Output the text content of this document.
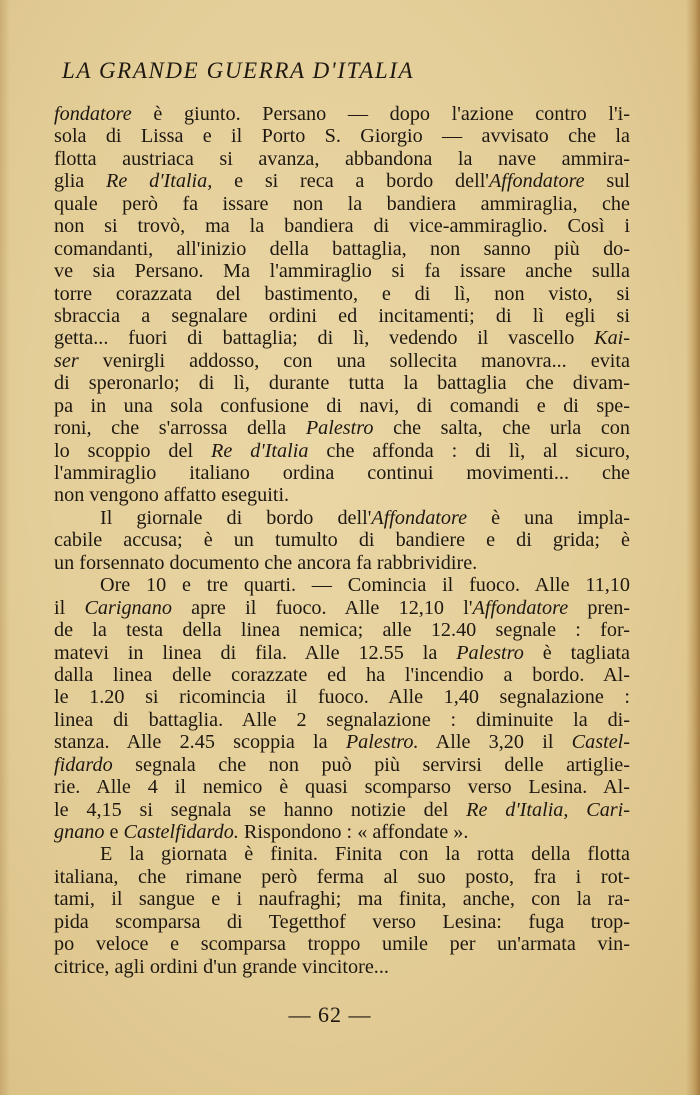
LA GRANDE GUERRA D'ITALIA
fondatore è giunto. Persano — dopo l'azione contro l'i-
sola di Lissa e il Porto S. Giorgio — avvisato che la
flotta austriaca si avanza, abbandona la nave ammira-
glia Re d'Italia, e si reca a bordo dell'Affondatore sul
quale però fa issare non la bandiera ammiraglia, che
non si trovò, ma la bandiera di vice-ammiraglio. Così i
comandanti, all'inizio della battaglia, non sanno più do-
ve sia Persano. Ma l'ammiraglio si fa issare anche sulla
torre corazzata del bastimento, e di lì, non visto, si
sbraccia a segnalare ordini ed incitamenti; di lì egli si
getta... fuori di battaglia; di lì, vedendo il vascello Kai-
ser venirgli addosso, con una sollecita manovra... evita
di speronarlo; di lì, durante tutta la battaglia che divam-
pa in una sola confusione di navi, di comandi e di spe-
roni, che s'arrossa della Palestro che salta, che urla con
lo scoppio del Re d'Italia che affonda : di lì, al sicuro,
l'ammiraglio italiano ordina continui movimenti... che
non vengono affatto eseguiti.
Il giornale di bordo dell'Affondatore è una impla-
cabile accusa; è un tumulto di bandiere e di grida; è
un forsennato documento che ancora fa rabbrividire.
Ore 10 e tre quarti. — Comincia il fuoco. Alle 11,10
il Carignano apre il fuoco. Alle 12,10 l'Affondatore pren-
de la testa della linea nemica; alle 12.40 segnale : for-
matevi in linea di fila. Alle 12.55 la Palestro è tagliata
dalla linea delle corazzate ed ha l'incendio a bordo. Al-
le 1.20 si ricomincia il fuoco. Alle 1,40 segnalazione :
linea di battaglia. Alle 2 segnalazione : diminuite la di-
stanza. Alle 2.45 scoppia la Palestro. Alle 3,20 il Castel-
fidardo segnala che non può più servirsi delle artiglie-
rie. Alle 4 il nemico è quasi scomparso verso Lesina. Al-
le 4,15 si segnala se hanno notizie del Re d'Italia, Cari-
gnano e Castelfidardo. Rispondono : « affondate ».
E la giornata è finita. Finita con la rotta della flotta
italiana, che rimane però ferma al suo posto, fra i rot-
tami, il sangue e i naufraghi; ma finita, anche, con la ra-
pida scomparsa di Tegetthof verso Lesina: fuga trop-
po veloce e scomparsa troppo umile per un'armata vin-
citrice, agli ordini d'un grande vincitore...
— 62 —
